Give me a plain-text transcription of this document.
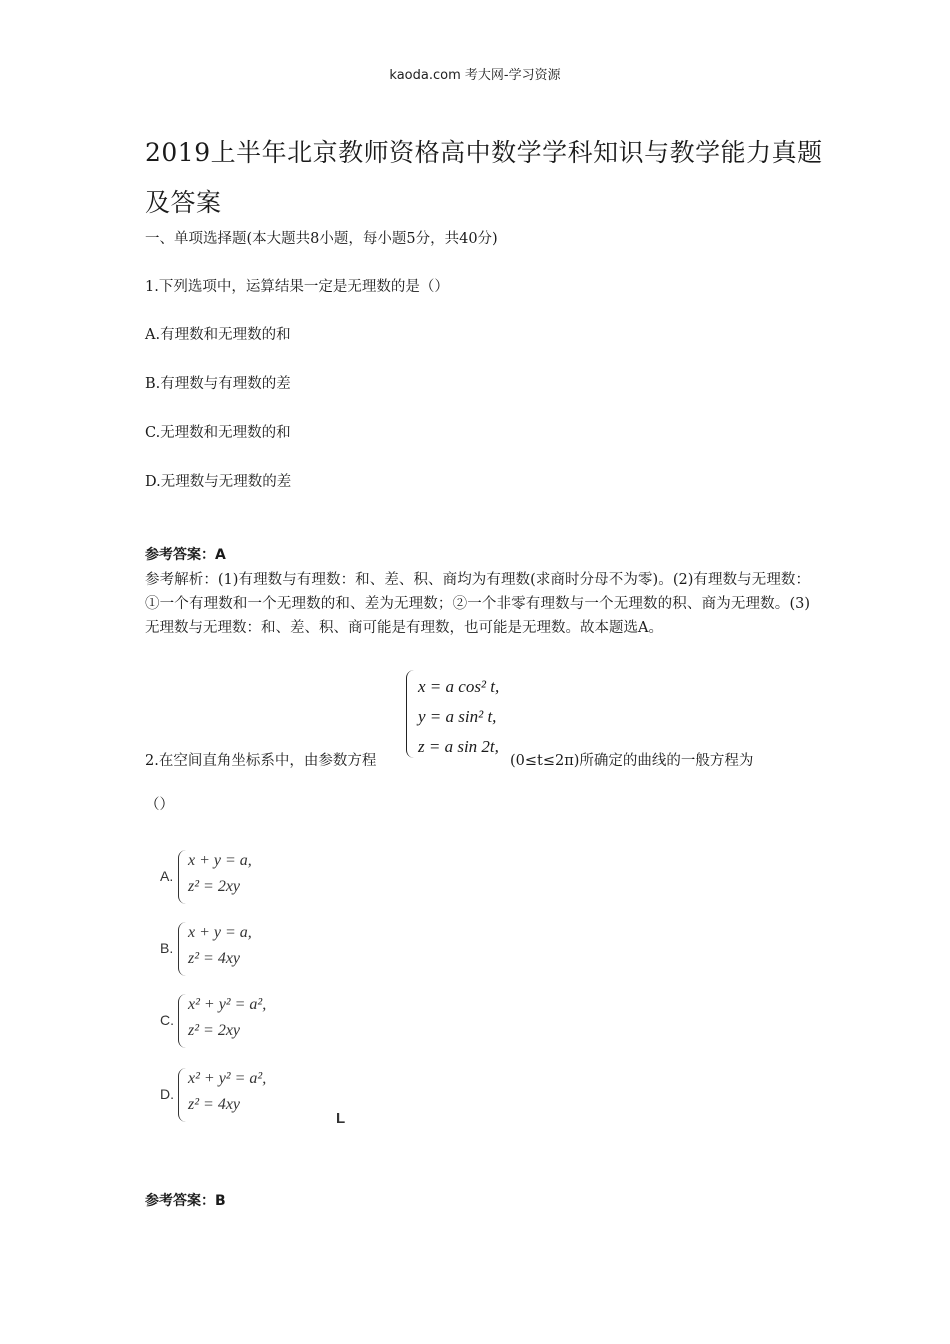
kaoda.com 考大网-学习资源
2019上半年北京教师资格高中数学学科知识与教学能力真题及答案
一、单项选择题(本大题共8小题，每小题5分，共40分)
1.下列选项中，运算结果一定是无理数的是（）
A.有理数和无理数的和
B.有理数与有理数的差
C.无理数和无理数的和
D.无理数与无理数的差
参考答案：A

参考解析：(1)有理数与有理数：和、差、积、商均为有理数(求商时分母不为零)。(2)有理数与无理数：①一个有理数和一个无理数的和、差为无理数；②一个非零有理数与一个无理数的积、商为无理数。(3)无理数与无理数：和、差、积、商可能是有理数，也可能是无理数。故本题选A。

x = a cos² t,
y = a sin² t,
z = a sin 2t,
2.在空间直角坐标系中，由参数方程	(0≤t≤2π)所确定的曲线的一般方程为
（）
A.
x + y = a,
z² = 2xy
B.
x + y = a,
z² = 4xy
C.
x² + y² = a²,
z² = 2xy
D.
x² + y² = a²,
z² = 4xy
L
参考答案：B
